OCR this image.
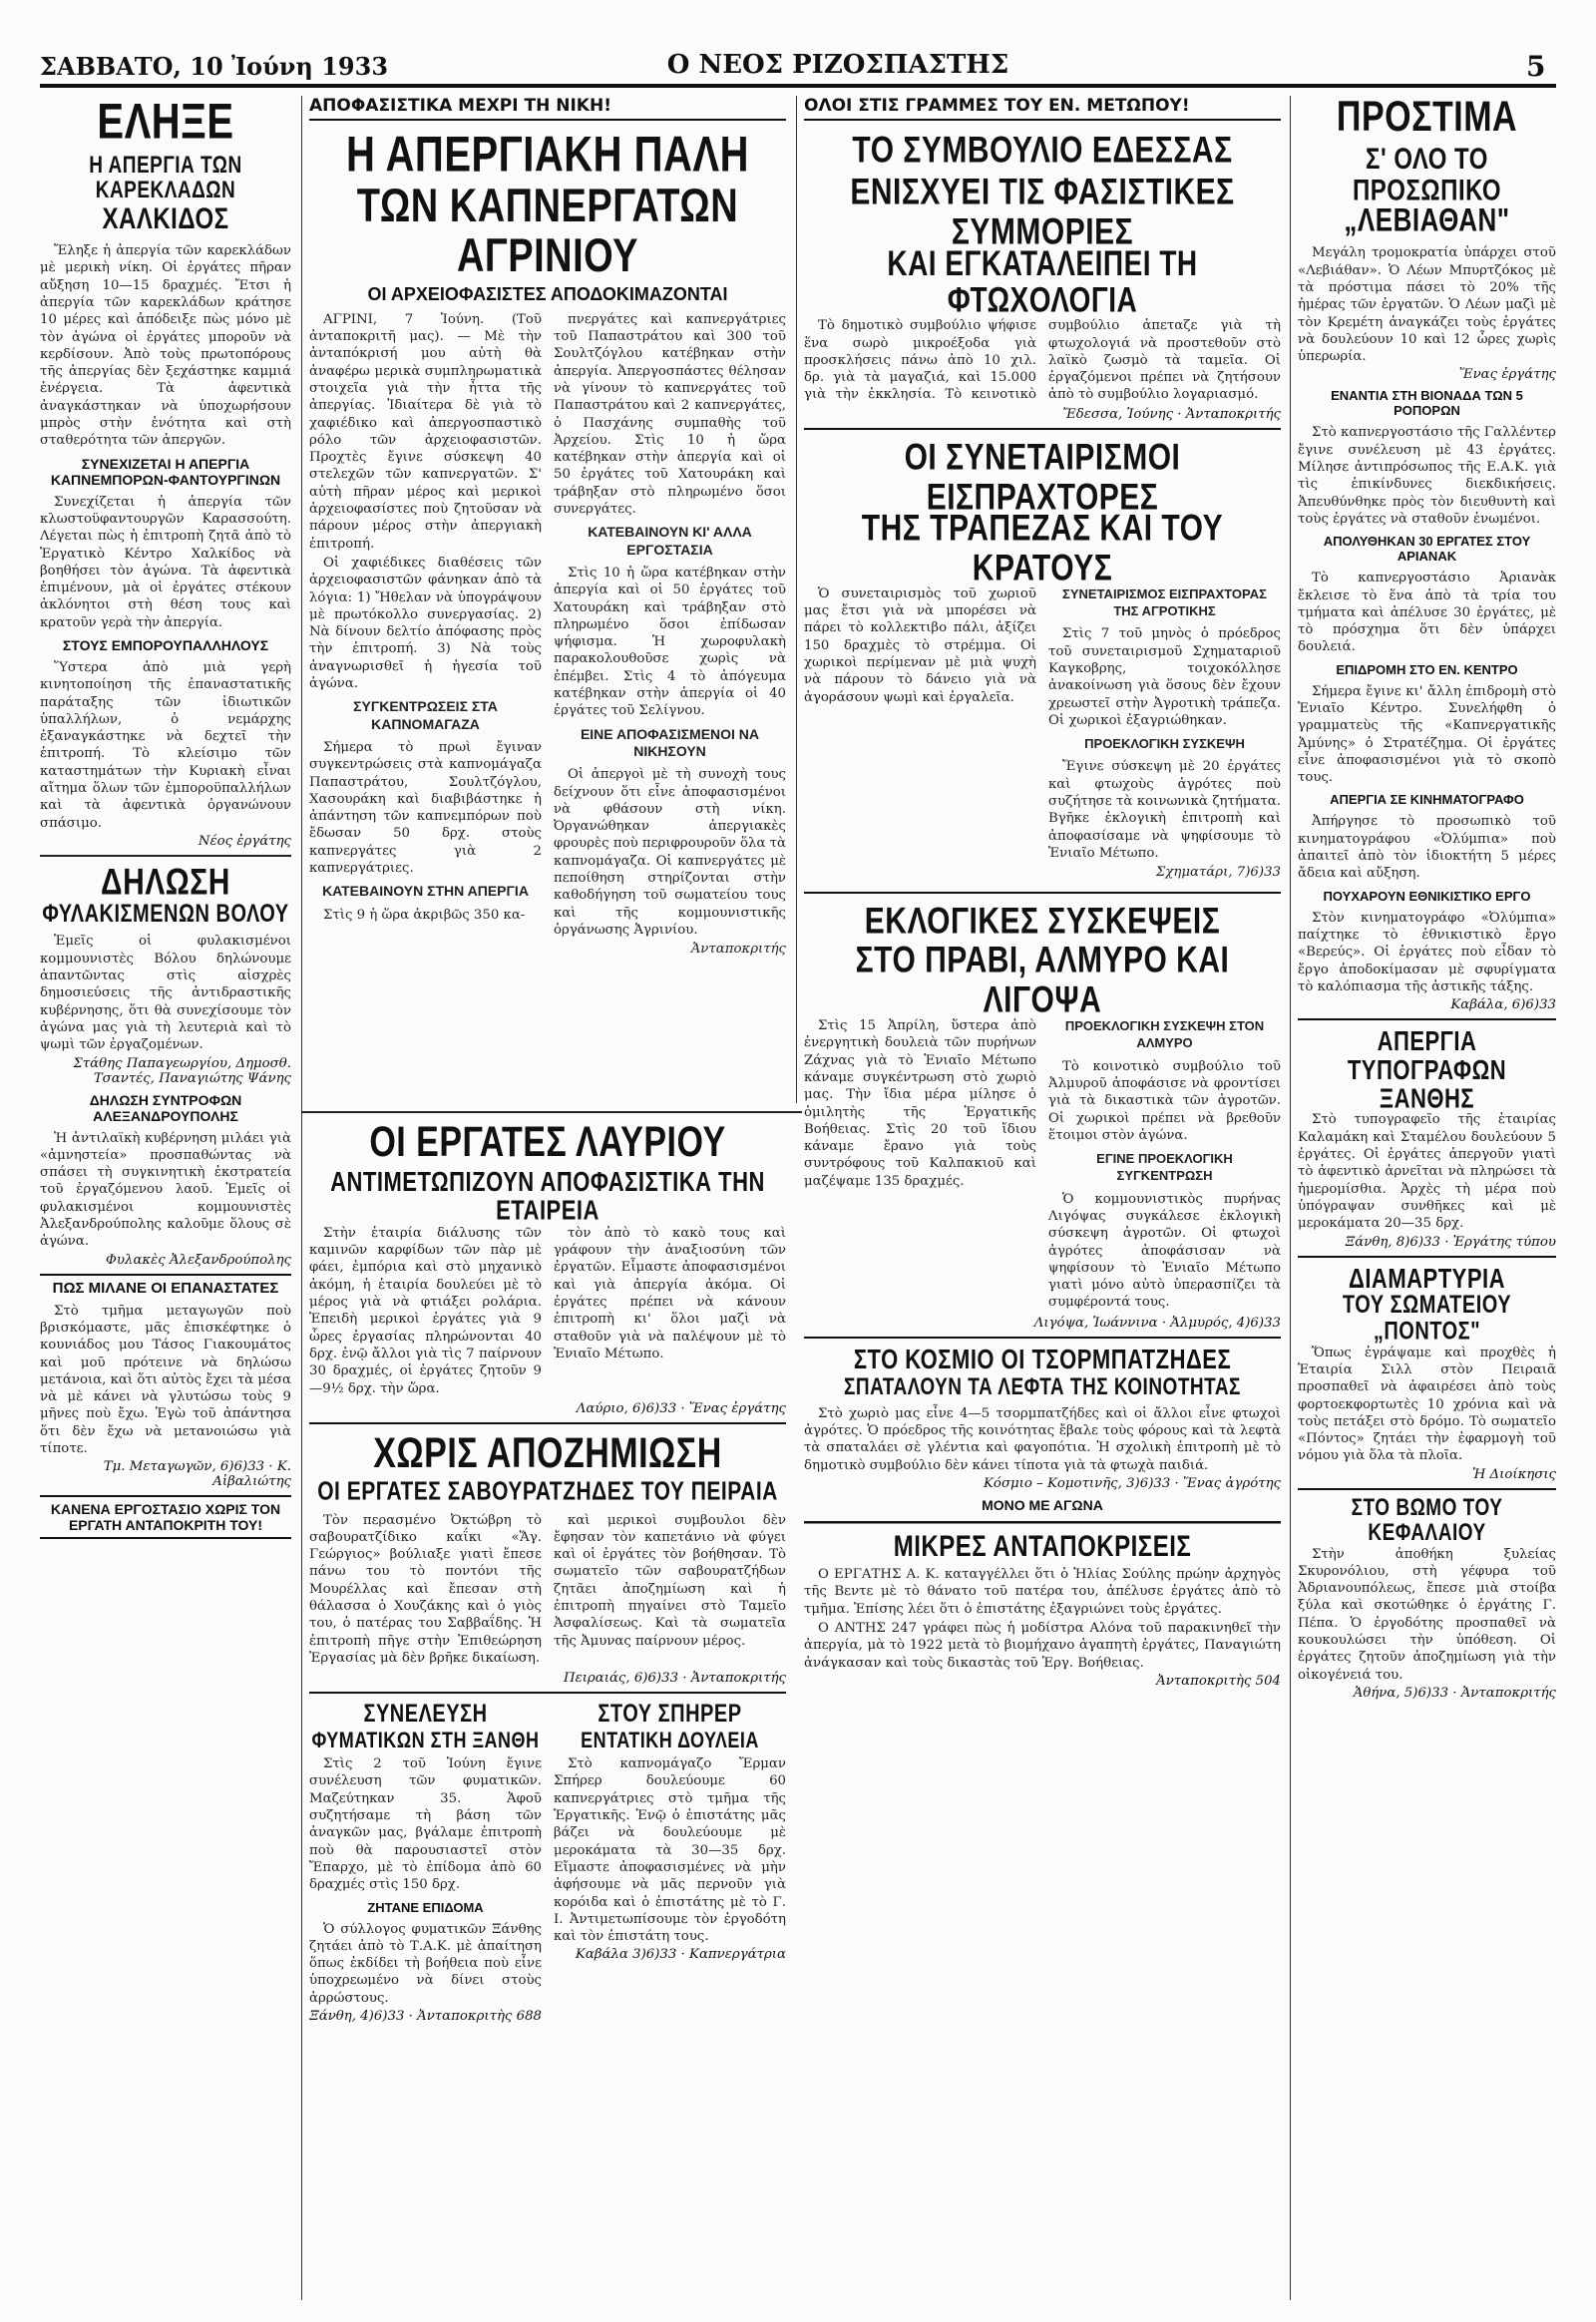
ΣΑΒΒΑΤΟ, 10 Ἰούνη 1933	Ο ΝΕΟΣ ΡΙΖΟΣΠΑΣΤΗΣ	5
ΕΛΗΞΕ
Η ΑΠΕΡΓΙΑ ΤΩΝ ΚΑΡΕΚΛΑΔΩΝ
ΧΑΛΚΙΔΟΣ

Ἔληξε ἡ ἀπεργία τῶν καρεκλάδων μὲ μερικὴ νίκη. Οἱ ἐργάτες πῆραν αὔξηση 10—15 δραχμές. Ἔτσι ἡ ἀπεργία τῶν καρεκλάδων κράτησε 10 μέρες καὶ ἀπόδειξε πὼς μόνο μὲ τὸν ἀγώνα οἱ ἐργάτες μποροῦν νὰ κερδίσουν. Ἀπὸ τοὺς πρωτοπόρους τῆς ἀπεργίας δὲν ξεχάστηκε καμμιά ἐνέργεια. Τὰ ἀφεντικὰ ἀναγκάστηκαν νὰ ὑποχωρήσουν μπρὸς στὴν ἑνότητα καὶ στὴ σταθερότητα τῶν ἀπεργῶν.

ΣΥΝΕΧΙΖΕΤΑΙ Η ΑΠΕΡΓΙΑ ΚΑΠΝΕΜΠΟΡΩΝ-ΦΑΝΤΟΥΡΓΙΝΩΝ

Συνεχίζεται ἡ ἀπεργία τῶν κλωστοϋφαντουργῶν Καρασσούτη. Λέγεται πὼς ἡ ἐπιτροπὴ ζητᾶ ἀπὸ τὸ Ἐργατικὸ Κέντρο Χαλκίδος νὰ βοηθήσει τὸν ἀγώνα. Τὰ ἀφεντικὰ ἐπιμένουν, μὰ οἱ ἐργάτες στέκουν ἀκλόνητοι στὴ θέση τους καὶ κρατοῦν γερὰ τὴν ἀπεργία.

ΣΤΟΥΣ ΕΜΠΟΡΟΥΠΑΛΛΗΛΟΥΣ

Ὕστερα ἀπὸ μιὰ γερὴ κινητοποίηση τῆς ἐπαναστατικῆς παράταξης τῶν ἰδιωτικῶν ὑπαλλήλων, ὁ νεμάρχης ἐξαναγκάστηκε νὰ δεχτεῖ τὴν ἐπιτροπή. Τὸ κλείσιμο τῶν καταστημάτων τὴν Κυριακὴ εἶναι αἴτημα ὅλων τῶν ἐμποροϋπαλλήλων καὶ τὰ ἀφεντικὰ ὀργανώνουν σπάσιμο.

Νέος ἐργάτης
ΔΗΛΩΣΗ
ΦΥΛΑΚΙΣΜΕΝΩΝ ΒΟΛΟΥ

Ἐμεῖς οἱ φυλακισμένοι κομμουνιστὲς Βόλου δηλώνουμε ἀπαντῶντας στὶς αἰσχρὲς δημοσιεύσεις τῆς ἀντιδραστικῆς κυβέρνησης, ὅτι θὰ συνεχίσουμε τὸν ἀγώνα μας γιὰ τὴ λευτεριὰ καὶ τὸ ψωμὶ τῶν ἐργαζομένων.

Στάθης Παπαγεωργίου, Δημοσθ. Τσαντές, Παναγιώτης Ψάνης
ΔΗΛΩΣΗ ΣΥΝΤΡΟΦΩΝ ΑΛΕΞΑΝΔΡΟΥΠΟΛΗΣ

Ἡ ἀντιλαϊκὴ κυβέρνηση μιλάει γιὰ «ἀμνηστεία» προσπαθώντας νὰ σπάσει τὴ συγκινητικὴ ἐκστρατεία τοῦ ἐργαζόμενου λαοῦ. Ἐμεῖς οἱ φυλακισμένοι κομμουνιστὲς Ἀλεξανδρούπολης καλοῦμε ὅλους σὲ ἀγώνα.

Φυλακὲς Ἀλεξανδρούπολης
ΠΩΣ ΜΙΛΑΝΕ ΟΙ ΕΠΑΝΑΣΤΑΤΕΣ

Στὸ τμῆμα μεταγωγῶν ποὺ βρισκόμαστε, μᾶς ἐπισκέφτηκε ὁ κουνιάδος μου Τάσος Γιακουμάτος καὶ μοῦ πρότεινε νὰ δηλώσω μετάνοια, καὶ ὅτι αὐτὸς ἔχει τὰ μέσα νὰ μὲ κάνει νὰ γλυτώσω τοὺς 9 μῆνες ποὺ ἔχω. Ἐγὼ τοῦ ἀπάντησα ὅτι δὲν ἔχω νὰ μετανοιώσω γιὰ τίποτε.

Τμ. Μεταγωγῶν, 6)6)33 · Κ. Αἰβαλιώτης
ΚΑΝΕΝΑ ΕΡΓΟΣΤΑΣΙΟ ΧΩΡΙΣ ΤΟΝ ΕΡΓΑΤΗ ΑΝΤΑΠΟΚΡΙΤΗ ΤΟΥ!
ΑΠΟΦΑΣΙΣΤΙΚΑ ΜΕΧΡΙ ΤΗ ΝΙΚΗ!
Η ΑΠΕΡΓΙΑΚΗ ΠΑΛΗ
ΤΩΝ ΚΑΠΝΕΡΓΑΤΩΝ ΑΓΡΙΝΙΟΥ
ΟΙ ΑΡΧΕΙΟΦΑΣΙΣΤΕΣ ΑΠΟΔΟΚΙΜΑΖΟΝΤΑΙ

ΑΓΡΙΝΙ, 7 Ἰούνη. (Τοῦ ἀνταποκριτῆ μας). — Μὲ τὴν ἀνταπόκρισή μου αὐτὴ θὰ ἀναφέρω μερικὰ συμπληρωματικὰ στοιχεῖα γιὰ τὴν ἧττα τῆς ἀπεργίας. Ἰδιαίτερα δὲ γιὰ τὸ χαφιέδικο καὶ ἀπεργοσπαστικὸ ρόλο τῶν ἀρχειοφασιστῶν. Προχτὲς ἔγινε σύσκεψη 40 στελεχῶν τῶν καπνεργατῶν. Σ' αὐτὴ πῆραν μέρος καὶ μερικοὶ ἀρχειοφασίστες ποὺ ζητοῦσαν νὰ πάρουν μέρος στὴν ἀπεργιακὴ ἐπιτροπή.

Οἱ χαφιέδικες διαθέσεις τῶν ἀρχειοφασιστῶν φάνηκαν ἀπὸ τὰ λόγια: 1) Ἤθελαν νὰ ὑπογράψουν μὲ πρωτόκολλο συνεργασίας. 2) Νὰ δίνουν δελτίο ἀπόφασης πρὸς τὴν ἐπιτροπή. 3) Νὰ τοὺς ἀναγνωρισθεῖ ἡ ἡγεσία τοῦ ἀγώνα.

ΣΥΓΚΕΝΤΡΩΣΕΙΣ ΣΤΑ ΚΑΠΝΟΜΑΓΑΖΑ

Σήμερα τὸ πρωὶ ἔγιναν συγκεντρώσεις στὰ καπνομάγαζα Παπαστράτου, Σουλτζόγλου, Χασουράκη καὶ διαβιβάστηκε ἡ ἀπάντηση τῶν καπνεμπόρων ποὺ ἔδωσαν 50 δρχ. στοὺς καπνεργάτες γιὰ 2 καπνεργάτριες.

ΚΑΤΕΒΑΙΝΟΥΝ ΣΤΗΝ ΑΠΕΡΓΙΑ

Στὶς 9 ἡ ὥρα ἀκριβῶς 350 κα-

πνεργάτες καὶ καπνεργάτριες τοῦ Παπαστράτου καὶ 300 τοῦ Σουλτζόγλου κατέβηκαν στὴν ἀπεργία. Ἀπεργοσπάστες θέλησαν νὰ γίνουν τὸ καπνεργάτες τοῦ Παπαστράτου καὶ 2 καπνεργάτες, ὁ Πασχάνης συμπαθὴς τοῦ Ἀρχείου. Στὶς 10 ἡ ὥρα κατέβηκαν στὴν ἀπεργία καὶ οἱ 50 ἐργάτες τοῦ Χατουράκη καὶ τράβηξαν στὸ πληρωμένο ὅσοι συνεργάτες.

ΚΑΤΕΒΑΙΝΟΥΝ ΚΙ' ΑΛΛΑ ΕΡΓΟΣΤΑΣΙΑ

Στὶς 10 ἡ ὥρα κατέβηκαν στὴν ἀπεργία καὶ οἱ 50 ἐργάτες τοῦ Χατουράκη καὶ τράβηξαν στὸ πληρωμένο ὅσοι ἐπίδωσαν ψήφισμα. Ἡ χωροφυλακὴ παρακολουθοῦσε χωρὶς νὰ ἐπέμβει. Στὶς 4 τὸ ἀπόγευμα κατέβηκαν στὴν ἀπεργία οἱ 40 ἐργάτες τοῦ Σελίγνου.

ΕΙΝΕ ΑΠΟΦΑΣΙΣΜΕΝΟΙ ΝΑ ΝΙΚΗΣΟΥΝ

Οἱ ἀπεργοὶ μὲ τὴ συνοχὴ τους δείχνουν ὅτι εἶνε ἀποφασισμένοι νὰ φθάσουν στὴ νίκη. Ὀργανώθηκαν ἀπεργιακὲς φρουρὲς ποὺ περιφρουροῦν ὅλα τὰ καπνομάγαζα. Οἱ καπνεργάτες μὲ πεποίθηση στηρίζονται στὴν καθοδήγηση τοῦ σωματείου τους καὶ τῆς κομμουνιστικῆς ὀργάνωσης Ἀγρινίου.

Ἀνταποκριτής
ΟΛΟΙ ΣΤΙΣ ΓΡΑΜΜΕΣ ΤΟΥ ΕΝ. ΜΕΤΩΠΟΥ!
ΤΟ ΣΥΜΒΟΥΛΙΟ ΕΔΕΣΣΑΣ
ΕΝΙΣΧΥΕΙ ΤΙΣ ΦΑΣΙΣΤΙΚΕΣ ΣΥΜΜΟΡΙΕΣ
ΚΑΙ ΕΓΚΑΤΑΛΕΙΠΕΙ ΤΗ ΦΤΩΧΟΛΟΓΙΑ

Τὸ δημοτικὸ συμβούλιο ψήφισε ἕνα σωρὸ μικροέξοδα γιὰ προσκλήσεις πάνω ἀπὸ 10 χιλ. δρ. γιὰ τὰ μαγαζιά, καὶ 15.000 γιὰ τὴν ἐκκλησία. Τὸ κεινοτικὸ συμβούλιο ἀπεταζε γιὰ τὴ φτωχολογιά νὰ προστεθοῦν στὸ λαϊκὸ ζωσμὸ τὰ ταμεῖα. Οἱ ἐργαζόμενοι πρέπει νὰ ζητήσουν ἀπὸ τὸ συμβούλιο λογαριασμό.

Ἔδεσσα, Ἰούνης · Ἀνταποκριτής
ΟΙ ΣΥΝΕΤΑΙΡΙΣΜΟΙ ΕΙΣΠΡΑΧΤΟΡΕΣ
ΤΗΣ ΤΡΑΠΕΖΑΣ ΚΑΙ ΤΟΥ ΚΡΑΤΟΥΣ

Ὁ συνεταιρισμὸς τοῦ χωριοῦ μας ἔτσι γιὰ νὰ μπορέσει νὰ πάρει τὸ κολλεκτιβο πάλι, ἀξίζει 150 δραχμὲς τὸ στρέμμα. Οἱ χωρικοὶ περίμεναν μὲ μιὰ ψυχὴ νὰ πάρουν τὸ δάνειο γιὰ νὰ ἀγοράσουν ψωμὶ καὶ ἐργαλεῖα.

ΣΥΝΕΤΑΙΡΙΣΜΟΣ ΕΙΣΠΡΑΧΤΟΡΑΣ ΤΗΣ ΑΓΡΟΤΙΚΗΣ

Στὶς 7 τοῦ μηνὸς ὁ πρόεδρος τοῦ συνεταιρισμοῦ Σχηματαριοῦ Καγκοβρης, τοιχοκόλλησε ἀνακοίνωση γιὰ ὅσους δὲν ἔχουν χρεωστεῖ στὴν Ἀγροτικὴ τράπεζα. Οἱ χωρικοὶ ἐξαγριώθηκαν.

ΠΡΟΕΚΛΟΓΙΚΗ ΣΥΣΚΕΨΗ

Ἔγινε σύσκεψη μὲ 20 ἐργάτες καὶ φτωχοὺς ἀγρότες ποὺ συζήτησε τὰ κοινωνικὰ ζητήματα. Βγῆκε ἐκλογικὴ ἐπιτροπὴ καὶ ἀποφασίσαμε νὰ ψηφίσουμε τὸ Ἑνιαῖο Μέτωπο.

Σχηματάρι, 7)6)33
ΕΚΛΟΓΙΚΕΣ ΣΥΣΚΕΨΕΙΣ
ΣΤΟ ΠΡΑΒΙ, ΑΛΜΥΡΟ ΚΑΙ ΛΙΓΟΨΑ

Στὶς 15 Ἀπρίλη, ὕστερα ἀπὸ ἐνεργητικὴ δουλειὰ τῶν πυρήνων Ζάχνας γιὰ τὸ Ἑνιαῖο Μέτωπο κάναμε συγκέντρωση στὸ χωριὸ μας. Τὴν ἴδια μέρα μίλησε ὁ ὁμιλητὴς τῆς Ἐργατικῆς Βοήθειας. Στὶς 20 τοῦ ἴδιου κάναμε ἔρανο γιὰ τοὺς συντρόφους τοῦ Καλπακιοῦ καὶ μαζέψαμε 135 δραχμές.

ΠΡΟΕΚΛΟΓΙΚΗ ΣΥΣΚΕΨΗ ΣΤΟΝ ΑΛΜΥΡΟ

Τὸ κοινοτικὸ συμβούλιο τοῦ Ἀλμυροῦ ἀποφάσισε νὰ φροντίσει γιὰ τὰ δικαστικὰ τῶν ἀγροτῶν. Οἱ χωρικοὶ πρέπει νὰ βρεθοῦν ἕτοιμοι στὸν ἀγώνα.

ΕΓΙΝΕ ΠΡΟΕΚΛΟΓΙΚΗ ΣΥΓΚΕΝΤΡΩΣΗ

Ὁ κομμουνιστικὸς πυρήνας Λιγόψας συγκάλεσε ἐκλογικὴ σύσκεψη ἀγροτῶν. Οἱ φτωχοὶ ἀγρότες ἀποφάσισαν νὰ ψηφίσουν τὸ Ἑνιαῖο Μέτωπο γιατὶ μόνο αὐτὸ ὑπερασπίζει τὰ συμφέροντά τους.

Λιγόψα, Ἰωάννινα · Ἀλμυρός, 4)6)33
ΣΤΟ ΚΟΣΜΙΟ ΟΙ ΤΣΟΡΜΠΑΤΖΗΔΕΣ
ΣΠΑΤΑΛΟΥΝ ΤΑ ΛΕΦΤΑ ΤΗΣ ΚΟΙΝΟΤΗΤΑΣ

Στὸ χωριὸ μας εἶνε 4—5 τσορμπατζήδες καὶ οἱ ἄλλοι εἶνε φτωχοὶ ἀγρότες. Ὁ πρόεδρος τῆς κοινότητας ἔβαλε τοὺς φόρους καὶ τὰ λεφτὰ τὰ σπαταλάει σὲ γλέντια καὶ φαγοπότια. Ἡ σχολικὴ ἐπιτροπὴ μὲ τὸ δημοτικὸ συμβούλιο δὲν κάνει τίποτα γιὰ τὰ φτωχὰ παιδιά.

Κόσμιο – Κομοτινῆς, 3)6)33 · Ἕνας ἀγρότης
ΜΟΝΟ ΜΕ ΑΓΩΝΑ
ΜΙΚΡΕΣ ΑΝΤΑΠΟΚΡΙΣΕΙΣ

Ο ΕΡΓΑΤΗΣ Α. Κ. καταγγέλλει ὅτι ὁ Ἡλίας Σούλης πρώην ἀρχηγὸς τῆς Βεντε μὲ τὸ θάνατο τοῦ πατέρα του, ἀπέλυσε ἐργάτες ἀπὸ τὸ τμῆμα. Ἐπίσης λέει ὅτι ὁ ἐπιστάτης ἐξαγριώνει τοὺς ἐργάτες.

Ο ΑΝΤΗΣ 247 γράφει πὼς ἡ μοδίστρα Αλόνα τοῦ παρακινηθεῖ τὴν ἀπεργία, μὰ τὸ 1922 μετὰ τὸ βιομήχανο ἀγαπητὴ ἐργάτες, Παναγιώτη ἀνάγκασαν καὶ τοὺς δικαστὰς τοῦ Ἐργ. Βοήθειας.

Ἀνταποκριτὴς 504
ΠΡΟΣΤΙΜΑ
Σ' ΟΛΟ ΤΟ ΠΡΟΣΩΠΙΚΟ
„ΛΕΒΙΑΘΑΝ"

Μεγάλη τρομοκρατία ὑπάρχει στοῦ «Λεβιάθαν». Ὁ Λέων Μπυρτζόκος μὲ τὰ πρόστιμα πάσει τὸ 20% τῆς ἡμέρας τῶν ἐργατῶν. Ὁ Λέων μαζὶ μὲ τὸν Κρεμέτη ἀναγκάζει τοὺς ἐργάτες νὰ δουλεύουν 10 καὶ 12 ὧρες χωρὶς ὑπερωρία.

Ἕνας ἐργάτης
ΕΝΑΝΤΙΑ ΣΤΗ ΒΙΟΝΑΔΑ ΤΩΝ 5 ΡΟΠΟΡΩΝ

Στὸ καπνεργοστάσιο τῆς Γαλλέντερ ἔγινε συνέλευση μὲ 43 ἐργάτες. Μίλησε ἀντιπρόσωπος τῆς Ε.Α.Κ. γιὰ τὶς ἐπικίνδυνες διεκδικήσεις. Ἀπευθύνθηκε πρὸς τὸν διευθυντὴ καὶ τοὺς ἐργάτες νὰ σταθοῦν ἑνωμένοι.

ΑΠΟΛΥΘΗΚΑΝ 30 ΕΡΓΑΤΕΣ ΣΤΟΥ ΑΡΙΑΝΑΚ

Τὸ καπνεργοστάσιο Ἀριανὰκ ἔκλεισε τὸ ἕνα ἀπὸ τὰ τρία του τμήματα καὶ ἀπέλυσε 30 ἐργάτες, μὲ τὸ πρόσχημα ὅτι δὲν ὑπάρχει δουλειά.

ΕΠΙΔΡΟΜΗ ΣΤΟ ΕΝ. ΚΕΝΤΡΟ

Σήμερα ἔγινε κι' ἄλλη ἐπιδρομὴ στὸ Ἑνιαῖο Κέντρο. Συνελήφθη ὁ γραμματεὺς τῆς «Καπνεργατικῆς Ἀμύνης» ὁ Στρατέζημα. Οἱ ἐργάτες εἶνε ἀποφασισμένοι γιὰ τὸ σκοπὸ τους.

ΑΠΕΡΓΙΑ ΣΕ ΚΙΝΗΜΑΤΟΓΡΑΦΟ

Ἀπήργησε τὸ προσωπικὸ τοῦ κινηματογράφου «Ὀλύμπια» ποὺ ἀπαιτεῖ ἀπὸ τὸν ἰδιοκτήτη 5 μέρες ἄδεια καὶ αὔξηση.

ΠΟΥΧΑΡΟΥΝ ΕΘΝΙΚΙΣΤΙΚΟ ΕΡΓΟ

Στὸν κινηματογράφο «Ὀλύμπια» παίχτηκε τὸ ἐθνικιστικὸ ἔργο «Βερεύς». Οἱ ἐργάτες ποὺ εἶδαν τὸ ἔργο ἀποδοκίμασαν μὲ σφυρίγματα τὸ καλόπιασμα τῆς ἀστικῆς τάξης.

Καβάλα, 6)6)33
ΑΠΕΡΓΙΑ
ΤΥΠΟΓΡΑΦΩΝ ΞΑΝΘΗΣ

Στὸ τυπογραφεῖο τῆς ἑταιρίας Καλαμάκη καὶ Σταμέλου δουλεύουν 5 ἐργάτες. Οἱ ἐργάτες ἀπεργοῦν γιατὶ τὸ ἀφεντικὸ ἀρνεῖται νὰ πληρώσει τὰ ἡμερομίσθια. Ἀρχὲς τὴ μέρα ποὺ ὑπόγραψαν συνθῆκες καὶ μὲ μεροκάματα 20—35 δρχ.

Ξάνθη, 8)6)33 · Ἐργάτης τύπου
ΔΙΑΜΑΡΤΥΡΙΑ
ΤΟΥ ΣΩΜΑΤΕΙΟΥ „ΠΟΝΤΟΣ"

Ὅπως ἐγράψαμε καὶ προχθὲς ἡ Ἑταιρία Σιλλ στὸν Πειραιᾶ προσπαθεῖ νὰ ἀφαιρέσει ἀπὸ τοὺς φορτοεκφορτωτὲς 10 χρόνια καὶ νὰ τοὺς πετάξει στὸ δρόμο. Τὸ σωματεῖο «Πόντος» ζητάει τὴν ἐφαρμογὴ τοῦ νόμου γιὰ ὅλα τὰ πλοῖα.

Ἡ Διοίκησις
ΣΤΟ ΒΩΜΟ ΤΟΥ ΚΕΦΑΛΑΙΟΥ

Στὴν ἀποθήκη ξυλείας Σκυρονόλιου, στὴ γέφυρα τοῦ Ἀδριανουπόλεως, ἔπεσε μιὰ στοίβα ξύλα καὶ σκοτώθηκε ὁ ἐργάτης Γ. Πέπα. Ὁ ἐργοδότης προσπαθεῖ νὰ κουκουλώσει τὴν ὑπόθεση. Οἱ ἐργάτες ζητοῦν ἀποζημίωση γιὰ τὴν οἰκογένειά του.

Ἀθήνα, 5)6)33 · Ἀνταποκριτής
ΟΙ ΕΡΓΑΤΕΣ ΛΑΥΡΙΟΥ
ΑΝΤΙΜΕΤΩΠΙΖΟΥΝ ΑΠΟΦΑΣΙΣΤΙΚΑ ΤΗΝ ΕΤΑΙΡΕΙΑ

Στὴν ἑταιρία διάλυσης τῶν καμινῶν καρφίδων τῶν πὰρ μὲ φάει, ἐμπόρια καὶ στὸ μηχανικὸ ἀκόμη, ἡ ἑταιρία δουλεύει μὲ τὸ μέρος γιὰ νὰ φτιάξει ρολάρια. Ἐπειδὴ μερικοὶ ἐργάτες γιὰ 9 ὧρες ἐργασίας πληρώνονται 40 δρχ. ἐνῷ ἄλλοι γιὰ τὶς 7 παίρνουν 30 δραχμές, οἱ ἐργάτες ζητοῦν 9—9½ δρχ. τὴν ὥρα.

τὸν ἀπὸ τὸ κακὸ τους καὶ γράφουν τὴν ἀναξιοσύνη τῶν ἐργατῶν. Εἶμαστε ἀποφασισμένοι καὶ γιὰ ἀπεργία ἀκόμα. Οἱ ἐργάτες πρέπει νὰ κάνουν ἐπιτροπὴ κι' ὅλοι μαζὶ νὰ σταθοῦν γιὰ νὰ παλέψουν μὲ τὸ Ἑνιαῖο Μέτωπο.

Λαύριο, 6)6)33 · Ἕνας ἐργάτης
ΧΩΡΙΣ ΑΠΟΖΗΜΙΩΣΗ
ΟΙ ΕΡΓΑΤΕΣ ΣΑΒΟΥΡΑΤΖΗΔΕΣ ΤΟΥ ΠΕΙΡΑΙΑ

Τὸν περασμένο Ὀκτώβρη τὸ σαβουρατζίδικο καΐκι «Ἅγ. Γεώργιος» βούλιαξε γιατὶ ἔπεσε πάνω του τὸ ποντόνι τῆς Μουρέλλας καὶ ἔπεσαν στὴ θάλασσα ὁ Χουζάκης καὶ ὁ γιὸς του, ὁ πατέρας του Σαββαΐδης. Ἡ ἐπιτροπὴ πῆγε στὴν Ἐπιθεώρηση Ἐργασίας μὰ δὲν βρῆκε δικαίωση.

καὶ μερικοὶ συμβουλοι δὲν ἔφησαν τὸν καπετάνιο νὰ φύγει καὶ οἱ ἐργάτες τὸν βοήθησαν. Τὸ σωματεῖο τῶν σαβουρατζήδων ζητᾶει ἀποζημίωση καὶ ἡ ἐπιτροπὴ πηγαίνει στὸ Ταμεῖο Ἀσφαλίσεως. Καὶ τὰ σωματεῖα τῆς Ἀμυνας παίρνουν μέρος.

Πειραιάς, 6)6)33 · Ἀνταποκριτής
ΣΥΝΕΛΕΥΣΗ
ΦΥΜΑΤΙΚΩΝ ΣΤΗ ΞΑΝΘΗ

Στὶς 2 τοῦ Ἰούνη ἔγινε συνέλευση τῶν φυματικῶν. Μαζεύτηκαν 35. Ἀφοῦ συζητήσαμε τὴ βάση τῶν ἀναγκῶν μας, βγάλαμε ἐπιτροπὴ ποὺ θὰ παρουσιαστεῖ στὸν Ἔπαρχο, μὲ τὸ ἐπίδομα ἀπὸ 60 δραχμές στὶς 150 δρχ.

ΖΗΤΑΝΕ ΕΠΙΔΟΜΑ

Ὁ σύλλογος φυματικῶν Ξάνθης ζητάει ἀπὸ τὸ Τ.Α.Κ. μὲ ἀπαίτηση ὅπως ἐκδίδει τὴ βοήθεια ποὺ εἶνε ὑποχρεωμένο νὰ δίνει στοὺς ἀρρώστους.

Ξάνθη, 4)6)33 · Ἀνταποκριτὴς 688
ΣΤΟΥ ΣΠΗΡΕΡ
ΕΝΤΑΤΙΚΗ ΔΟΥΛΕΙΑ

Στὸ καπνομάγαζο Ἔρμαν Σπήρερ δουλεύουμε 60 καπνεργάτριες στὸ τμῆμα τῆς Ἐργατικῆς. Ἐνῷ ὁ ἐπιστάτης μᾶς βάζει νὰ δουλεύουμε μὲ μεροκάματα τὰ 30—35 δρχ. Εἴμαστε ἀποφασισμένες νὰ μὴν ἀφήσουμε νὰ μᾶς περνοῦν γιὰ κορόιδα καὶ ὁ ἐπιστάτης μὲ τὸ Γ. Ι. Ἀντιμετωπίσουμε τὸν ἐργοδότη καὶ τὸν ἐπιστάτη τους.

Καβάλα 3)6)33 · Καπνεργάτρια
